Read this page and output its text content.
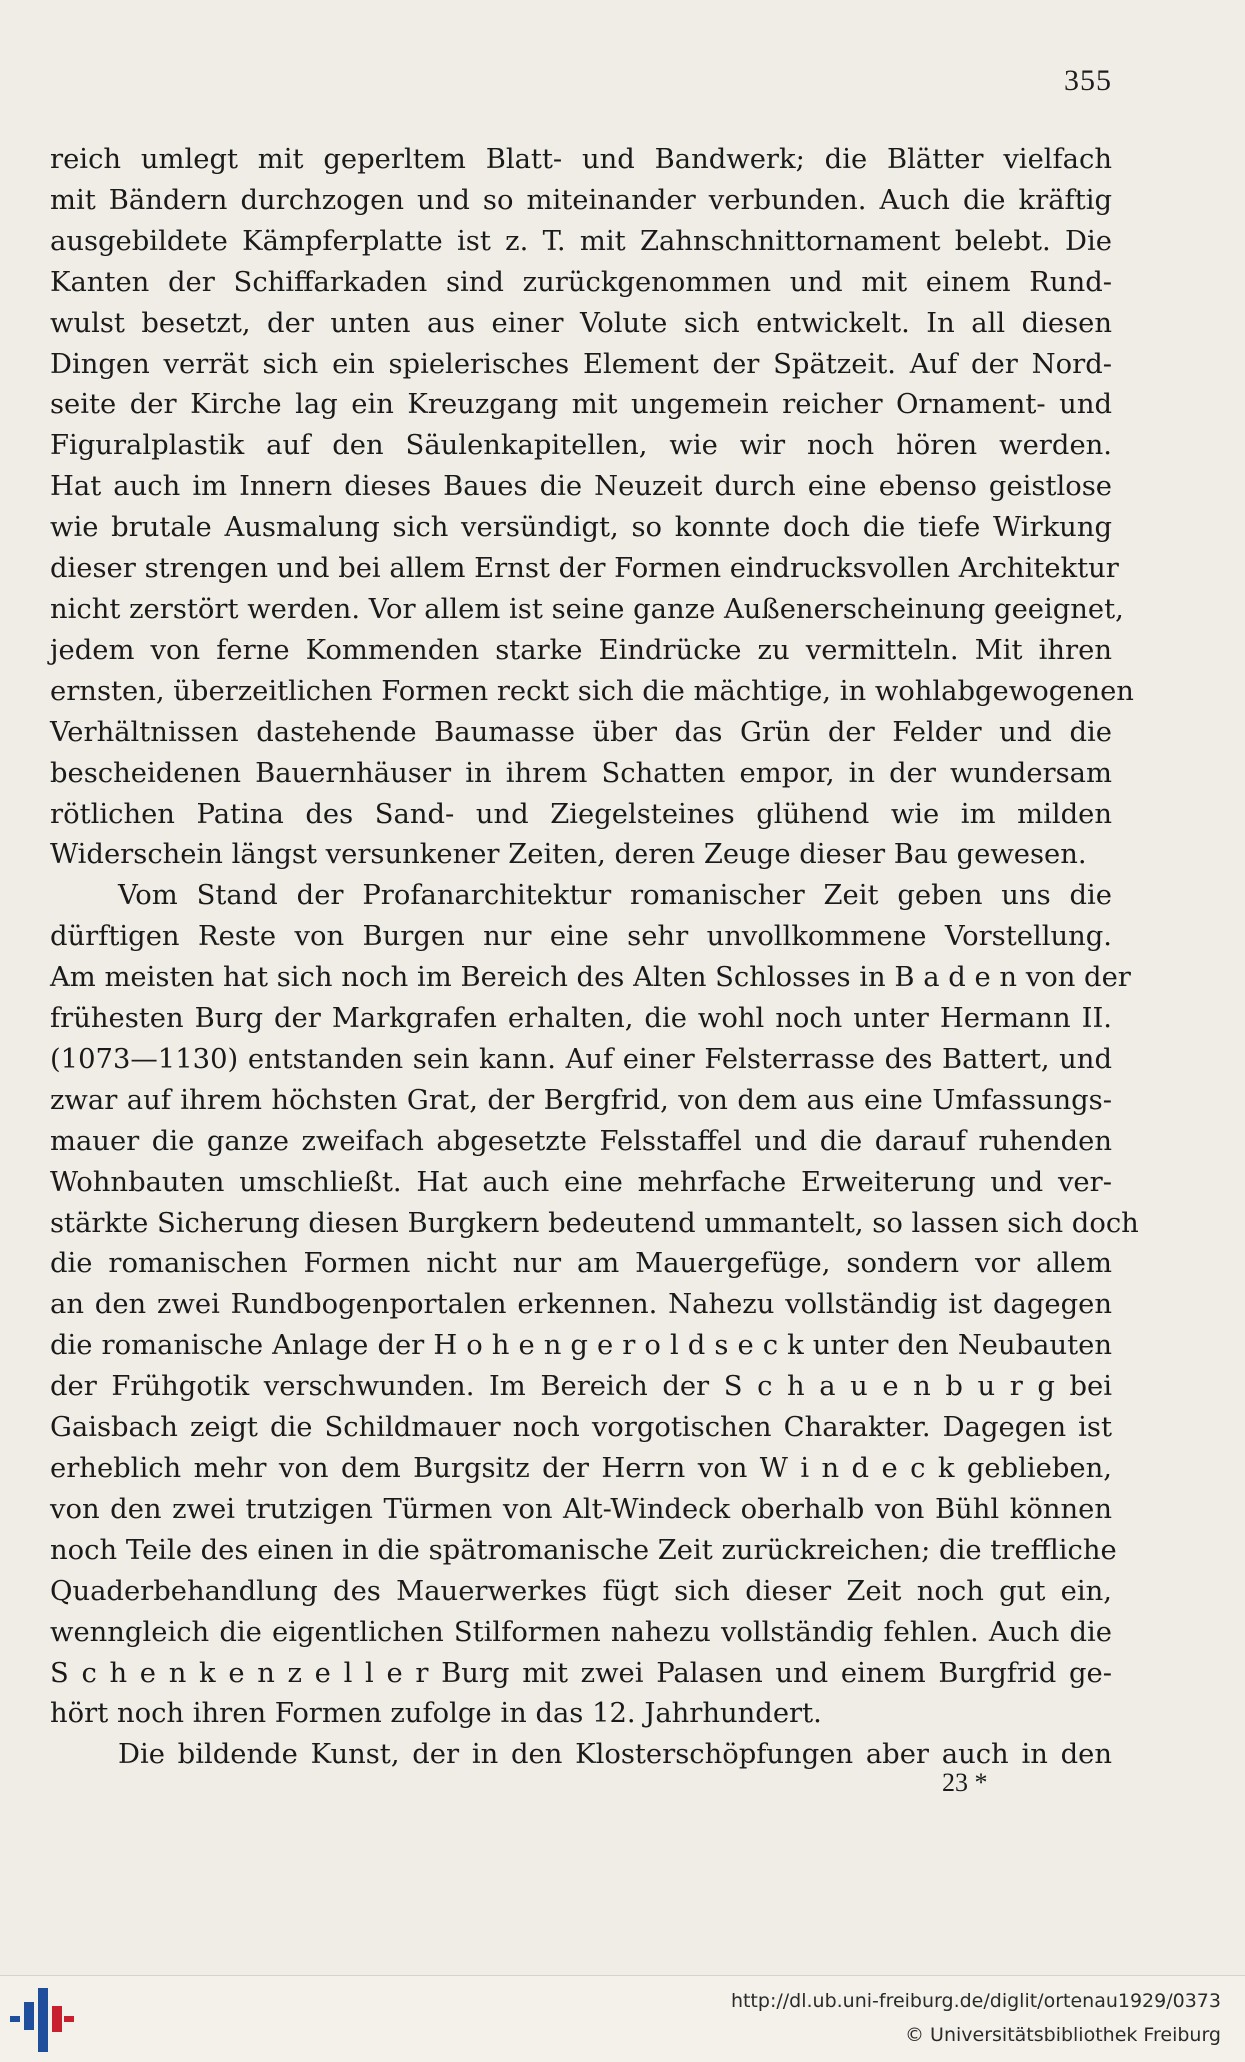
355
reich umlegt mit geperltem Blatt- und Bandwerk; die Blätter vielfach
mit Bändern durchzogen und so miteinander verbunden. Auch die kräftig
ausgebildete Kämpferplatte ist z. T. mit Zahnschnittornament belebt. Die
Kanten der Schiffarkaden sind zurückgenommen und mit einem Rund-
wulst besetzt, der unten aus einer Volute sich entwickelt. In all diesen
Dingen verrät sich ein spielerisches Element der Spätzeit. Auf der Nord-
seite der Kirche lag ein Kreuzgang mit ungemein reicher Ornament- und
Figuralplastik auf den Säulenkapitellen, wie wir noch hören werden.
Hat auch im Innern dieses Baues die Neuzeit durch eine ebenso geistlose
wie brutale Ausmalung sich versündigt, so konnte doch die tiefe Wirkung
dieser strengen und bei allem Ernst der Formen eindrucksvollen Architektur
nicht zerstört werden. Vor allem ist seine ganze Außenerscheinung geeignet,
jedem von ferne Kommenden starke Eindrücke zu vermitteln. Mit ihren
ernsten, überzeitlichen Formen reckt sich die mächtige, in wohlabgewogenen
Verhältnissen dastehende Baumasse über das Grün der Felder und die
bescheidenen Bauernhäuser in ihrem Schatten empor, in der wundersam
rötlichen Patina des Sand- und Ziegelsteines glühend wie im milden
Widerschein längst versunkener Zeiten, deren Zeuge dieser Bau gewesen.
Vom Stand der Profanarchitektur romanischer Zeit geben uns die
dürftigen Reste von Burgen nur eine sehr unvollkommene Vorstellung.
Am meisten hat sich noch im Bereich des Alten Schlosses in B a d e n von der
frühesten Burg der Markgrafen erhalten, die wohl noch unter Hermann II.
(1073—1130) entstanden sein kann. Auf einer Felsterrasse des Battert, und
zwar auf ihrem höchsten Grat, der Bergfrid, von dem aus eine Umfassungs-
mauer die ganze zweifach abgesetzte Felsstaffel und die darauf ruhenden
Wohnbauten umschließt. Hat auch eine mehrfache Erweiterung und ver-
stärkte Sicherung diesen Burgkern bedeutend ummantelt, so lassen sich doch
die romanischen Formen nicht nur am Mauergefüge, sondern vor allem
an den zwei Rundbogenportalen erkennen. Nahezu vollständig ist dagegen
die romanische Anlage der H o h e n g e r o l d s e c k unter den Neubauten
der Frühgotik verschwunden. Im Bereich der S c h a u e n b u r g bei
Gaisbach zeigt die Schildmauer noch vorgotischen Charakter. Dagegen ist
erheblich mehr von dem Burgsitz der Herrn von W i n d e c k geblieben,
von den zwei trutzigen Türmen von Alt-Windeck oberhalb von Bühl können
noch Teile des einen in die spätromanische Zeit zurückreichen; die treffliche
Quaderbehandlung des Mauerwerkes fügt sich dieser Zeit noch gut ein,
wenngleich die eigentlichen Stilformen nahezu vollständig fehlen. Auch die
S c h e n k e n z e l l e r Burg mit zwei Palasen und einem Burgfrid ge-
hört noch ihren Formen zufolge in das 12. Jahrhundert.
Die bildende Kunst, der in den Klosterschöpfungen aber auch in den
23 *
http://dl.ub.uni-freiburg.de/diglit/ortenau1929/0373
© Universitätsbibliothek Freiburg
